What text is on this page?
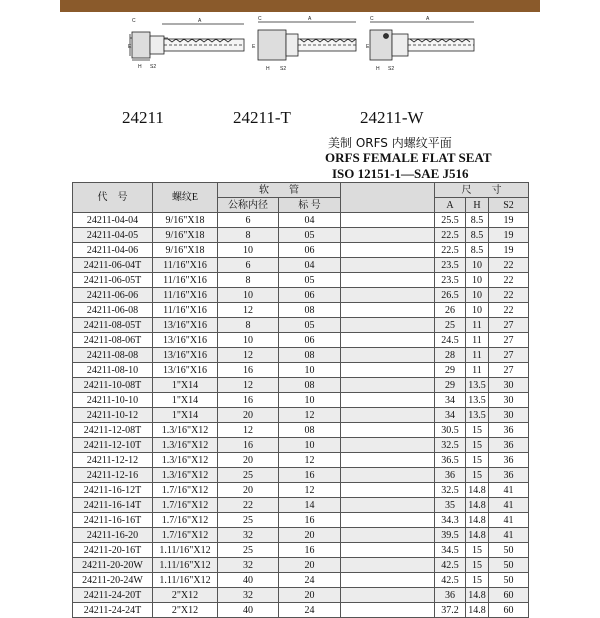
C	A
E
S2
H
C	A
E
S2
H
C	A
E
S2
H
24211	24211-T	24211-W
美制 ORFS 内螺纹平面
ORFS FEMALE FLAT SEAT
ISO 12151-1—SAE J516
代　号	螺纹E	软　　管			尺　　寸		
		公称内径	标 号		A	H	S2
24211-04-04	9/16"X18	6	04		25.5	8.5	19
24211-04-05	9/16"X18	8	05		22.5	8.5	19
24211-04-06	9/16"X18	10	06		22.5	8.5	19
24211-06-04T	11/16"X16	6	04		23.5	10	22
24211-06-05T	11/16"X16	8	05		23.5	10	22
24211-06-06	11/16"X16	10	06		26.5	10	22
24211-06-08	11/16"X16	12	08		26	10	22
24211-08-05T	13/16"X16	8	05		25	11	27
24211-08-06T	13/16"X16	10	06		24.5	11	27
24211-08-08	13/16"X16	12	08		28	11	27
24211-08-10	13/16"X16	16	10		29	11	27
24211-10-08T	1"X14	12	08		29	13.5	30
24211-10-10	1"X14	16	10		34	13.5	30
24211-10-12	1"X14	20	12		34	13.5	30
24211-12-08T	1.3/16"X12	12	08		30.5	15	36
24211-12-10T	1.3/16"X12	16	10		32.5	15	36
24211-12-12	1.3/16"X12	20	12		36.5	15	36
24211-12-16	1.3/16"X12	25	16		36	15	36
24211-16-12T	1.7/16"X12	20	12		32.5	14.8	41
24211-16-14T	1.7/16"X12	22	14		35	14.8	41
24211-16-16T	1.7/16"X12	25	16		34.3	14.8	41
24211-16-20	1.7/16"X12	32	20		39.5	14.8	41
24211-20-16T	1.11/16"X12	25	16		34.5	15	50
24211-20-20W	1.11/16"X12	32	20		42.5	15	50
24211-20-24W	1.11/16"X12	40	24		42.5	15	50
24211-24-20T	2"X12	32	20		36	14.8	60
24211-24-24T	2"X12	40	24		37.2	14.8	60
